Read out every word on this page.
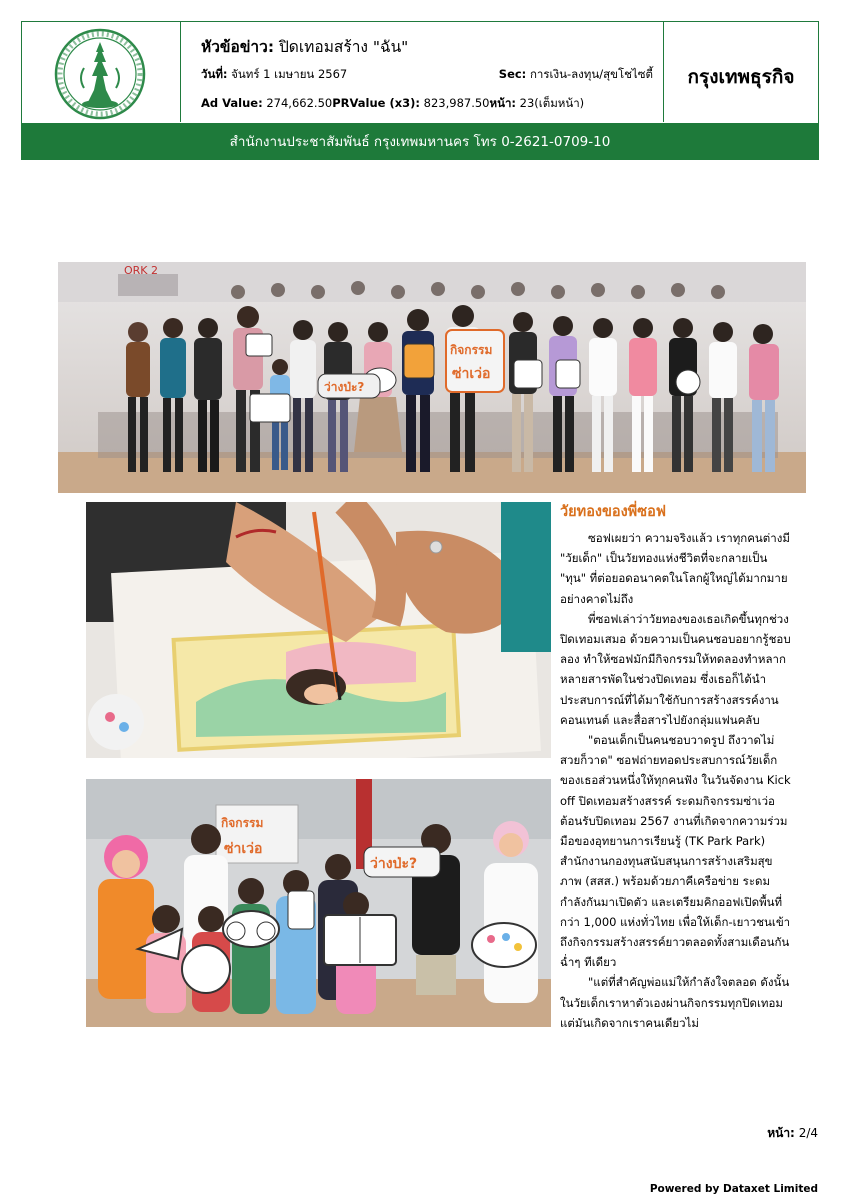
หัวข้อข่าว: ปิดเทอมสร้าง "ฉัน"
วันที่: จันทร์ 1 เมษายน 2567	Sec: การเงิน-ลงทุน/สุขโชไซตี้
Ad Value: 274,662.50PRValue (x3): 823,987.50หน้า: 23(เต็มหน้า)
กรุงเทพธุรกิจ
สำนักงานประชาสัมพันธ์ กรุงเทพมหานคร โทร 0-2621-0709-10
ORK 2
กิจกรรม
ซ่าเว่อ
ว่างป่ะ?
กิจกรรม
ซ่าเว่อ
ว่างป่ะ?
วัยทองของพี่ซอฟ

ซอฟเผยว่า ความจริงแล้ว เราทุกคนต่างมี "วัยเด็ก" เป็นวัยทองแห่งชีวิตที่จะกลายเป็น "ทุน" ที่ต่อยอดอนาคตในโลกผู้ใหญ่ได้มากมายอย่างคาดไม่ถึง

พี่ซอฟเล่าว่าวัยทองของเธอเกิดขึ้นทุกช่วงปิดเทอมเสมอ ด้วยความเป็นคนชอบอยากรู้ชอบลอง ทำให้ซอฟมักมีกิจกรรมให้ทดลองทำหลากหลายสารพัดในช่วงปิดเทอม ซึ่งเธอก็ได้นำประสบการณ์ที่ได้มาใช้กับการสร้างสรรค์งานคอนเทนต์ และสื่อสารไปยังกลุ่มแฟนคลับ

"ตอนเด็กเป็นคนชอบวาดรูป ถึงวาดไม่สวยก็วาด" ซอฟถ่ายทอดประสบการณ์วัยเด็กของเธอส่วนหนึ่งให้ทุกคนฟัง ในวันจัดงาน Kick off ปิดเทอมสร้างสรรค์ ระดมกิจกรรมซ่าเว่อ ต้อนรับปิดเทอม 2567 งานที่เกิดจากความร่วมมือของอุทยานการเรียนรู้ (TK Park Park) สำนักงานกองทุนสนับสนุนการสร้างเสริมสุขภาพ (สสส.) พร้อมด้วยภาคีเครือข่าย ระดมกำลังกันมาเปิดตัว และเตรียมคิกออฟเปิดพื้นที่กว่า 1,000 แห่งทั่วไทย เพื่อให้เด็ก-เยาวชนเข้าถึงกิจกรรมสร้างสรรค์ยาวตลอดทั้งสามเดือนกันฉ่ำๆ ทีเดียว

"แต่ที่สำคัญพ่อแม่ให้กำลังใจตลอด ดังนั้นในวัยเด็กเราหาตัวเองผ่านกิจกรรมทุกปิดเทอม แต่มันเกิดจากเราคนเดียวไม่

หน้า: 2/4
Powered by Dataxet Limited
